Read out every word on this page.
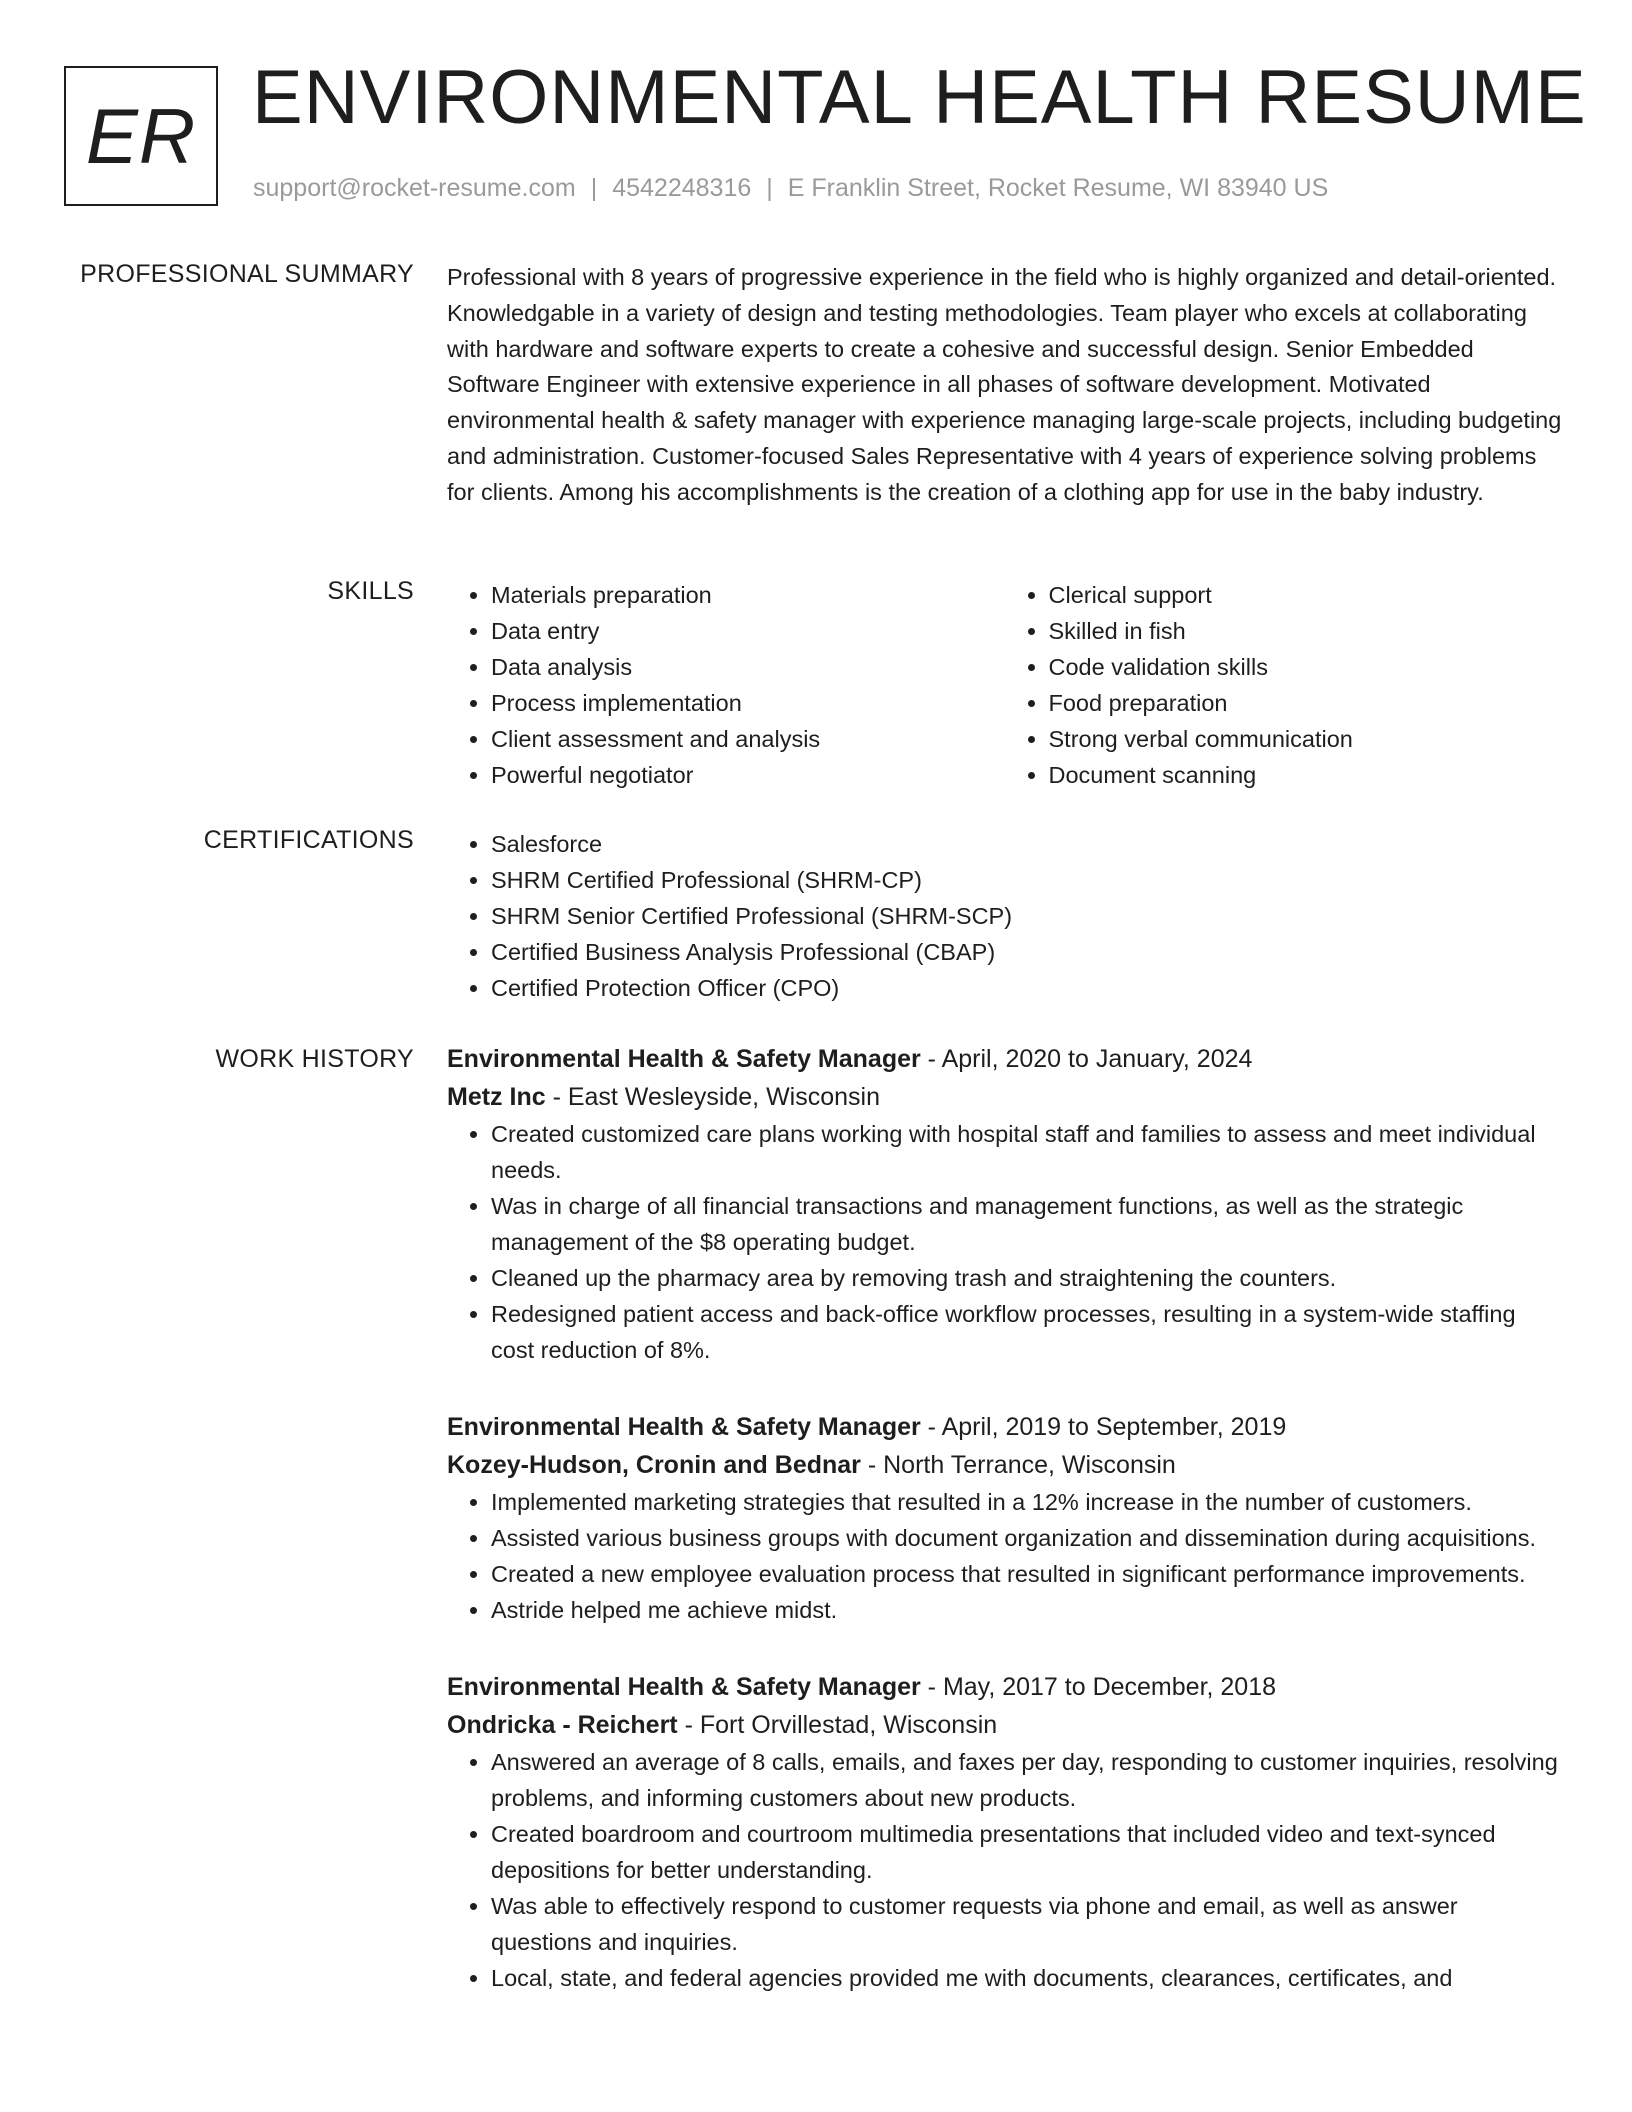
ER ENVIRONMENTAL HEALTH RESUME
support@rocket-resume.com | 4542248316 | E Franklin Street, Rocket Resume, WI 83940 US
PROFESSIONAL SUMMARY Professional with 8 years of progressive experience in the field who is highly organized and detail-oriented. Knowledgable in a variety of design and testing methodologies. Team player who excels at collaborating with hardware and software experts to create a cohesive and successful design. Senior Embedded Software Engineer with extensive experience in all phases of software development. Motivated environmental health & safety manager with experience managing large-scale projects, including budgeting and administration. Customer-focused Sales Representative with 4 years of experience solving problems for clients. Among his accomplishments is the creation of a clothing app for use in the baby industry.

SKILLS	• Materials preparation
• Data entry
• Data analysis
• Process implementation
• Client assessment and analysis
• Powerful negotiator
• Clerical support
• Skilled in fish
• Code validation skills
• Food preparation
• Strong verbal communication
• Document scanning
CERTIFICATIONS	• Salesforce
• SHRM Certified Professional (SHRM-CP)
• SHRM Senior Certified Professional (SHRM-SCP)
• Certified Business Analysis Professional (CBAP)
• Certified Protection Officer (CPO)
WORK HISTORY Environmental Health & Safety Manager - April, 2020 to January, 2024
Metz Inc - East Wesleyside, Wisconsin
• Created customized care plans working with hospital staff and families to assess and meet individual needs.
• Was in charge of all financial transactions and management functions, as well as the strategic management of the $8 operating budget.
• Cleaned up the pharmacy area by removing trash and straightening the counters.
• Redesigned patient access and back-office workflow processes, resulting in a system-wide staffing cost reduction of 8%.
Environmental Health & Safety Manager - April, 2019 to September, 2019
Kozey-Hudson, Cronin and Bednar - North Terrance, Wisconsin
• Implemented marketing strategies that resulted in a 12% increase in the number of customers.
• Assisted various business groups with document organization and dissemination during acquisitions.
• Created a new employee evaluation process that resulted in significant performance improvements.
• Astride helped me achieve midst.
Environmental Health & Safety Manager - May, 2017 to December, 2018
Ondricka - Reichert - Fort Orvillestad, Wisconsin
• Answered an average of 8 calls, emails, and faxes per day, responding to customer inquiries, resolving problems, and informing customers about new products.
• Created boardroom and courtroom multimedia presentations that included video and text-synced depositions for better understanding.
• Was able to effectively respond to customer requests via phone and email, as well as answer questions and inquiries.
• Local, state, and federal agencies provided me with documents, clearances, certificates, and
